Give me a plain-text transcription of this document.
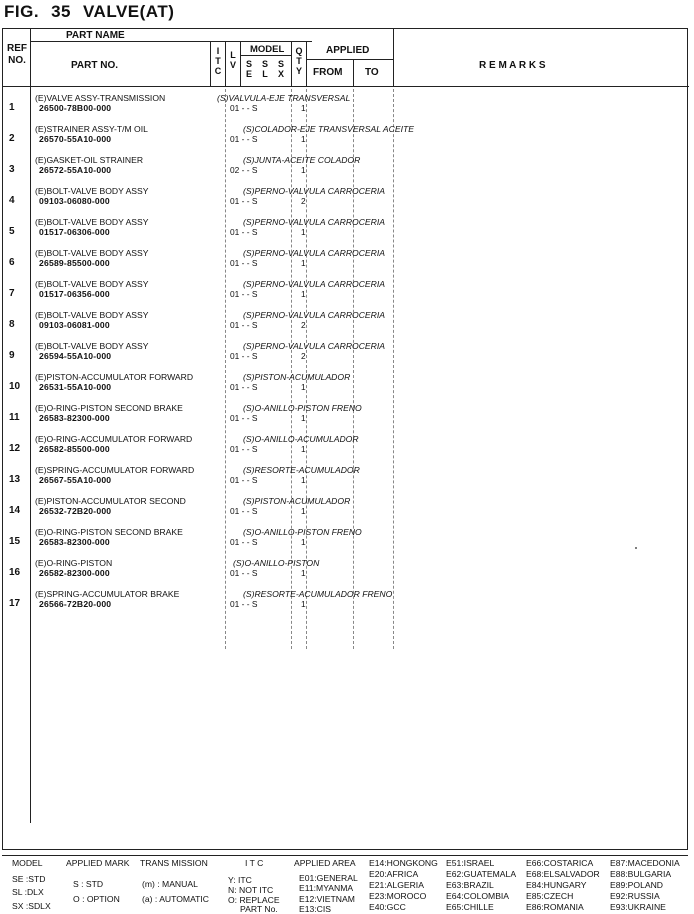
FIG. 35 VALVE(AT)
PART NAME
REF
NO.	PART NO.
I
T
C
L
V
MODEL
S
E
S
L
S
X
Q
T
Y
APPLIED
FROM TO
R E M A R K S
1
(E)VALVE ASSY-TRANSMISSION
26500-78B00-000
(S)VALVULA-EJE TRANSVERSAL
01 - - S	1
2
(E)STRAINER ASSY-T/M OIL
26570-55A10-000
(S)COLADOR-EJE TRANSVERSAL ACEITE
01 - - S	1
3
(E)GASKET-OIL STRAINER
26572-55A10-000
(S)JUNTA-ACEITE COLADOR
02 - - S	1
4
(E)BOLT-VALVE BODY ASSY
09103-06080-000
(S)PERNO-VALVULA CARROCERIA
01 - - S	2
5
(E)BOLT-VALVE BODY ASSY
01517-06306-000
(S)PERNO-VALVULA CARROCERIA
01 - - S	1
6
(E)BOLT-VALVE BODY ASSY
26589-85500-000
(S)PERNO-VALVULA CARROCERIA
01 - - S	1
7
(E)BOLT-VALVE BODY ASSY
01517-06356-000
(S)PERNO-VALVULA CARROCERIA
01 - - S	1
8
(E)BOLT-VALVE BODY ASSY
09103-06081-000
(S)PERNO-VALVULA CARROCERIA
01 - - S	2
9
(E)BOLT-VALVE BODY ASSY
26594-55A10-000
(S)PERNO-VALVULA CARROCERIA
01 - - S	2
10
(E)PISTON-ACCUMULATOR FORWARD
26531-55A10-000
(S)PISTON-ACUMULADOR
01 - - S	1
11
(E)O-RING-PISTON SECOND BRAKE
26583-82300-000
(S)O-ANILLO-PISTON FRENO
01 - - S	1
12
(E)O-RING-ACCUMULATOR FORWARD
26582-85500-000
(S)O-ANILLO-ACUMULADOR
01 - - S	1
13
(E)SPRING-ACCUMULATOR FORWARD
26567-55A10-000
(S)RESORTE-ACUMULADOR
01 - - S	1
14
(E)PISTON-ACCUMULATOR SECOND
26532-72B20-000
(S)PISTON-ACUMULADOR
01 - - S	1
15
(E)O-RING-PISTON SECOND BRAKE
26583-82300-000
(S)O-ANILLO-PISTON FRENO
01 - - S	1
16
(E)O-RING-PISTON
26582-82300-000
(S)O-ANILLO-PISTON
01 - - S	1
17
(E)SPRING-ACCUMULATOR BRAKE
26566-72B20-000
(S)RESORTE-ACUMULADOR FRENO
01 - - S	1
MODEL
SE :STD
SL :DLX
SX :SDLX
APPLIED MARK
S : STD
O : OPTION
TRANS MISSION
(m) : MANUAL
(a) : AUTOMATIC
I T C
Y: ITC
N: NOT ITC
O: REPLACE
PART No.
APPLIED AREA
E01:GENERAL
E11:MYANMA
E12:VIETNAM
E13:CIS
E14:HONGKONG
E20:AFRICA
E21:ALGERIA
E23:MOROCO
E40:GCC
E51:ISRAEL
E62:GUATEMALA
E63:BRAZIL
E64:COLOMBIA
E65:CHILLE
E66:COSTARICA
E68:ELSALVADOR
E84:HUNGARY
E85:CZECH
E86:ROMANIA
E87:MACEDONIA
E88:BULGARIA
E89:POLAND
E92:RUSSIA
E93:UKRAINE
